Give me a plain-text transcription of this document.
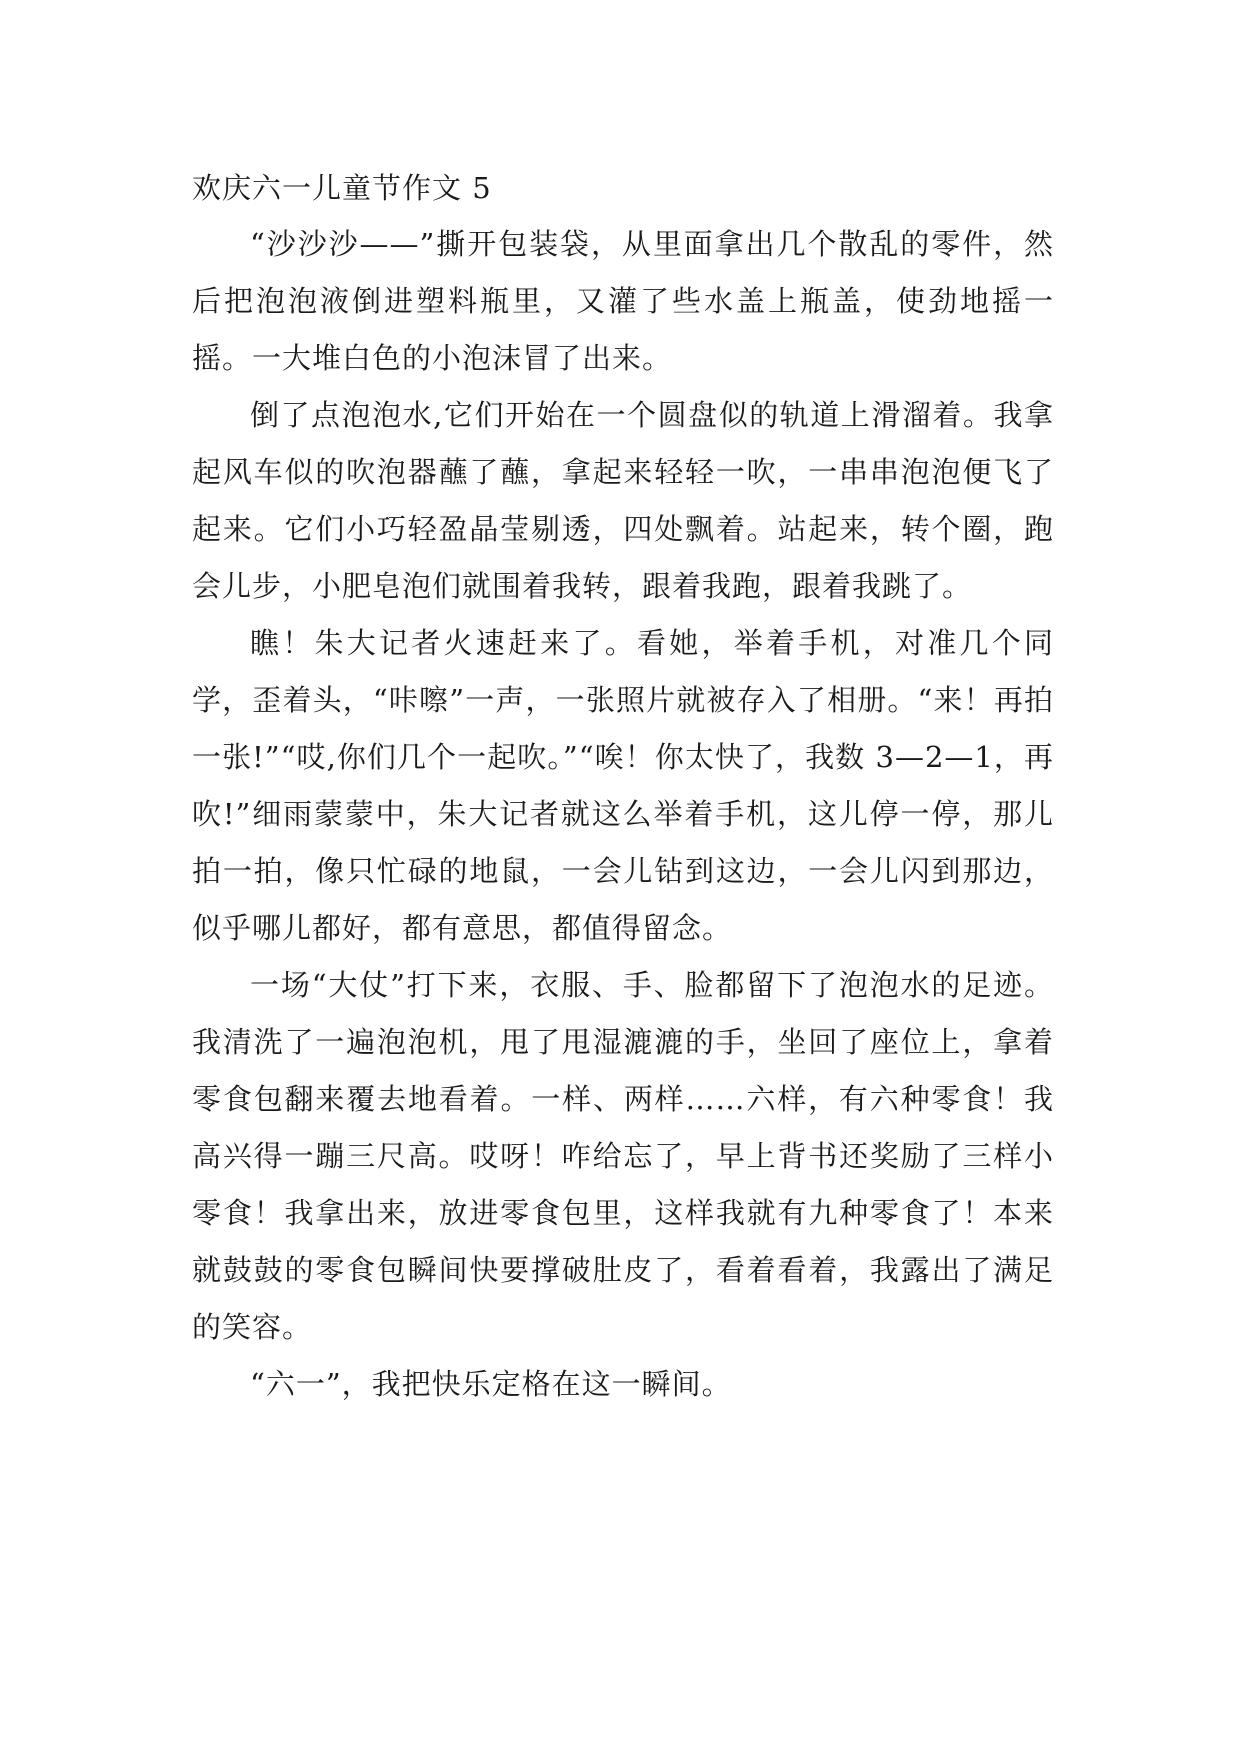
欢庆六一儿童节作文 5

“沙沙沙——”撕开包装袋，从里面拿出几个散乱的零件，然后把泡泡液倒进塑料瓶里，又灌了些水盖上瓶盖，使劲地摇一摇。一大堆白色的小泡沫冒了出来。

倒了点泡泡水,它们开始在一个圆盘似的轨道上滑溜着。我拿起风车似的吹泡器蘸了蘸，拿起来轻轻一吹，一串串泡泡便飞了起来。它们小巧轻盈晶莹剔透，四处飘着。站起来，转个圈，跑会儿步，小肥皂泡们就围着我转，跟着我跑，跟着我跳了。

瞧！朱大记者火速赶来了。看她，举着手机，对准几个同学，歪着头，“咔嚓”一声，一张照片就被存入了相册。“来！再拍一张!”“哎,你们几个一起吹。”“唉！你太快了，我数 3—2—1，再吹!”细雨蒙蒙中，朱大记者就这么举着手机，这儿停一停，那儿拍一拍，像只忙碌的地鼠，一会儿钻到这边，一会儿闪到那边，似乎哪儿都好，都有意思，都值得留念。

一场“大仗”打下来，衣服、手、脸都留下了泡泡水的足迹。我清洗了一遍泡泡机，甩了甩湿漉漉的手，坐回了座位上，拿着零食包翻来覆去地看着。一样、两样……六样，有六种零食！我高兴得一蹦三尺高。哎呀！咋给忘了，早上背书还奖励了三样小零食！我拿出来，放进零食包里，这样我就有九种零食了！本来就鼓鼓的零食包瞬间快要撑破肚皮了，看着看着，我露出了满足的笑容。

“六一”，我把快乐定格在这一瞬间。
